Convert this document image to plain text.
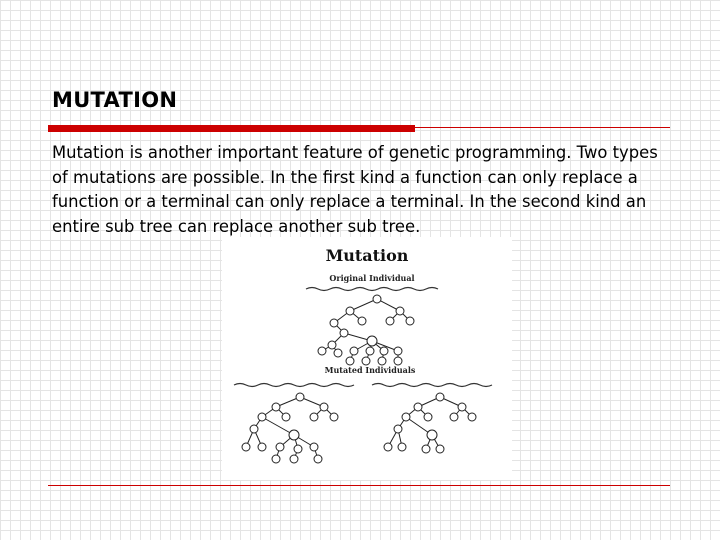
MUTATION

Mutation is another important feature of genetic programming. Two types of mutations are possible. In the first kind a function can only replace a function or a terminal can only replace a terminal. In the second kind an entire sub tree can replace another sub tree.

Mutation
Original Individual
Mutated Individuals
